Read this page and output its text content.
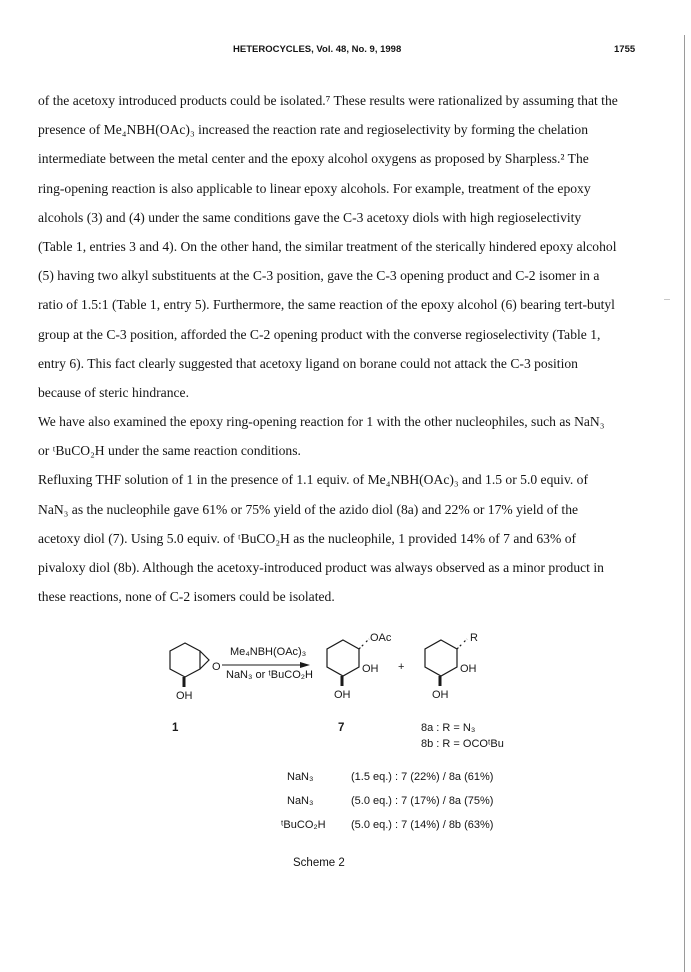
HETEROCYCLES, Vol. 48, No. 9, 1998	1755
of the acetoxy introduced products could be isolated.⁷ These results were rationalized by assuming that the
presence of Me₄NBH(OAc)₃ increased the reaction rate and regioselectivity by forming the chelation
intermediate between the metal center and the epoxy alcohol oxygens as proposed by Sharpless.² The
ring-opening reaction is also applicable to linear epoxy alcohols. For example, treatment of the epoxy
alcohols (3) and (4) under the same conditions gave the C-3 acetoxy diols with high regioselectivity
(Table 1, entries 3 and 4). On the other hand, the similar treatment of the sterically hindered epoxy alcohol
(5) having two alkyl substituents at the C-3 position, gave the C-3 opening product and C-2 isomer in a
ratio of 1.5:1 (Table 1, entry 5). Furthermore, the same reaction of the epoxy alcohol (6) bearing tert-butyl
group at the C-3 position, afforded the C-2 opening product with the converse regioselectivity (Table 1,
entry 6). This fact clearly suggested that acetoxy ligand on borane could not attack the C-3 position
because of steric hindrance.
We have also examined the epoxy ring-opening reaction for 1 with the other nucleophiles, such as NaN₃
or ᵗBuCO₂H under the same reaction conditions.
Refluxing THF solution of 1 in the presence of 1.1 equiv. of Me₄NBH(OAc)₃ and 1.5 or 5.0 equiv. of
NaN₃ as the nucleophile gave 61% or 75% yield of the azido diol (8a) and 22% or 17% yield of the
acetoxy diol (7). Using 5.0 equiv. of ᵗBuCO₂H as the nucleophile, 1 provided 14% of 7 and 63% of
pivaloxy diol (8b). Although the acetoxy-introduced product was always observed as a minor product in
these reactions, none of C-2 isomers could be isolated.
O
OH
OAc
OH
OH
+
R
OH
OH
1	7
Me₄NBH(OAc)₃
NaN₃ or ᵗBuCO₂H
8a : R = N₃
8b : R = OCOᵗBu
NaN₃	(1.5 eq.) : 7 (22%) / 8a (61%)
NaN₃	(5.0 eq.) : 7 (17%) / 8a (75%)
ᵗBuCO₂H (5.0 eq.) : 7 (14%) / 8b (63%)
Scheme 2
